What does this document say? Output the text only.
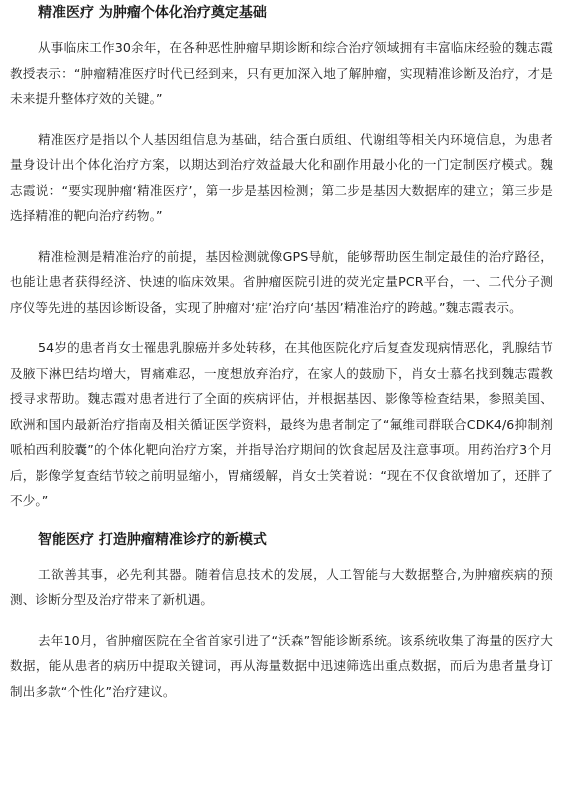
精准医疗 为肿瘤个体化治疗奠定基础

从事临床工作30余年，在各种恶性肿瘤早期诊断和综合治疗领域拥有丰富临床经验的魏志霞教授表示：“肿瘤精准医疗时代已经到来，只有更加深入地了解肿瘤，实现精准诊断及治疗，才是未来提升整体疗效的关键。”

精准医疗是指以个人基因组信息为基础，结合蛋白质组、代谢组等相关内环境信息，为患者量身设计出个体化治疗方案，以期达到治疗效益最大化和副作用最小化的一门定制医疗模式。魏志霞说：“要实现肿瘤‘精准医疗’，第一步是基因检测；第二步是基因大数据库的建立；第三步是选择精准的靶向治疗药物。”

精准检测是精准治疗的前提，基因检测就像GPS导航，能够帮助医生制定最佳的治疗路径，也能让患者获得经济、快速的临床效果。省肿瘤医院引进的荧光定量PCR平台，一、二代分子测序仪等先进的基因诊断设备，实现了肿瘤对‘症’治疗向‘基因’精准治疗的跨越。”魏志霞表示。

54岁的患者肖女士罹患乳腺癌并多处转移，在其他医院化疗后复查发现病情恶化，乳腺结节及腋下淋巴结均增大，胃痛难忍，一度想放弃治疗，在家人的鼓励下，肖女士慕名找到魏志霞教授寻求帮助。魏志霞对患者进行了全面的疾病评估，并根据基因、影像等检查结果，参照美国、欧洲和国内最新治疗指南及相关循证医学资料，最终为患者制定了“氟维司群联合CDK4/6抑制剂哌柏西利胶囊”的个体化靶向治疗方案，并指导治疗期间的饮食起居及注意事项。用药治疗3个月后，影像学复查结节较之前明显缩小，胃痛缓解，肖女士笑着说：“现在不仅食欲增加了，还胖了不少。”

智能医疗 打造肿瘤精准诊疗的新模式

工欲善其事，必先利其器。随着信息技术的发展，人工智能与大数据整合,为肿瘤疾病的预测、诊断分型及治疗带来了新机遇。

去年10月，省肿瘤医院在全省首家引进了“沃森”智能诊断系统。该系统收集了海量的医疗大数据，能从患者的病历中提取关键词，再从海量数据中迅速筛选出重点数据，而后为患者量身订制出多款“个性化”治疗建议。
